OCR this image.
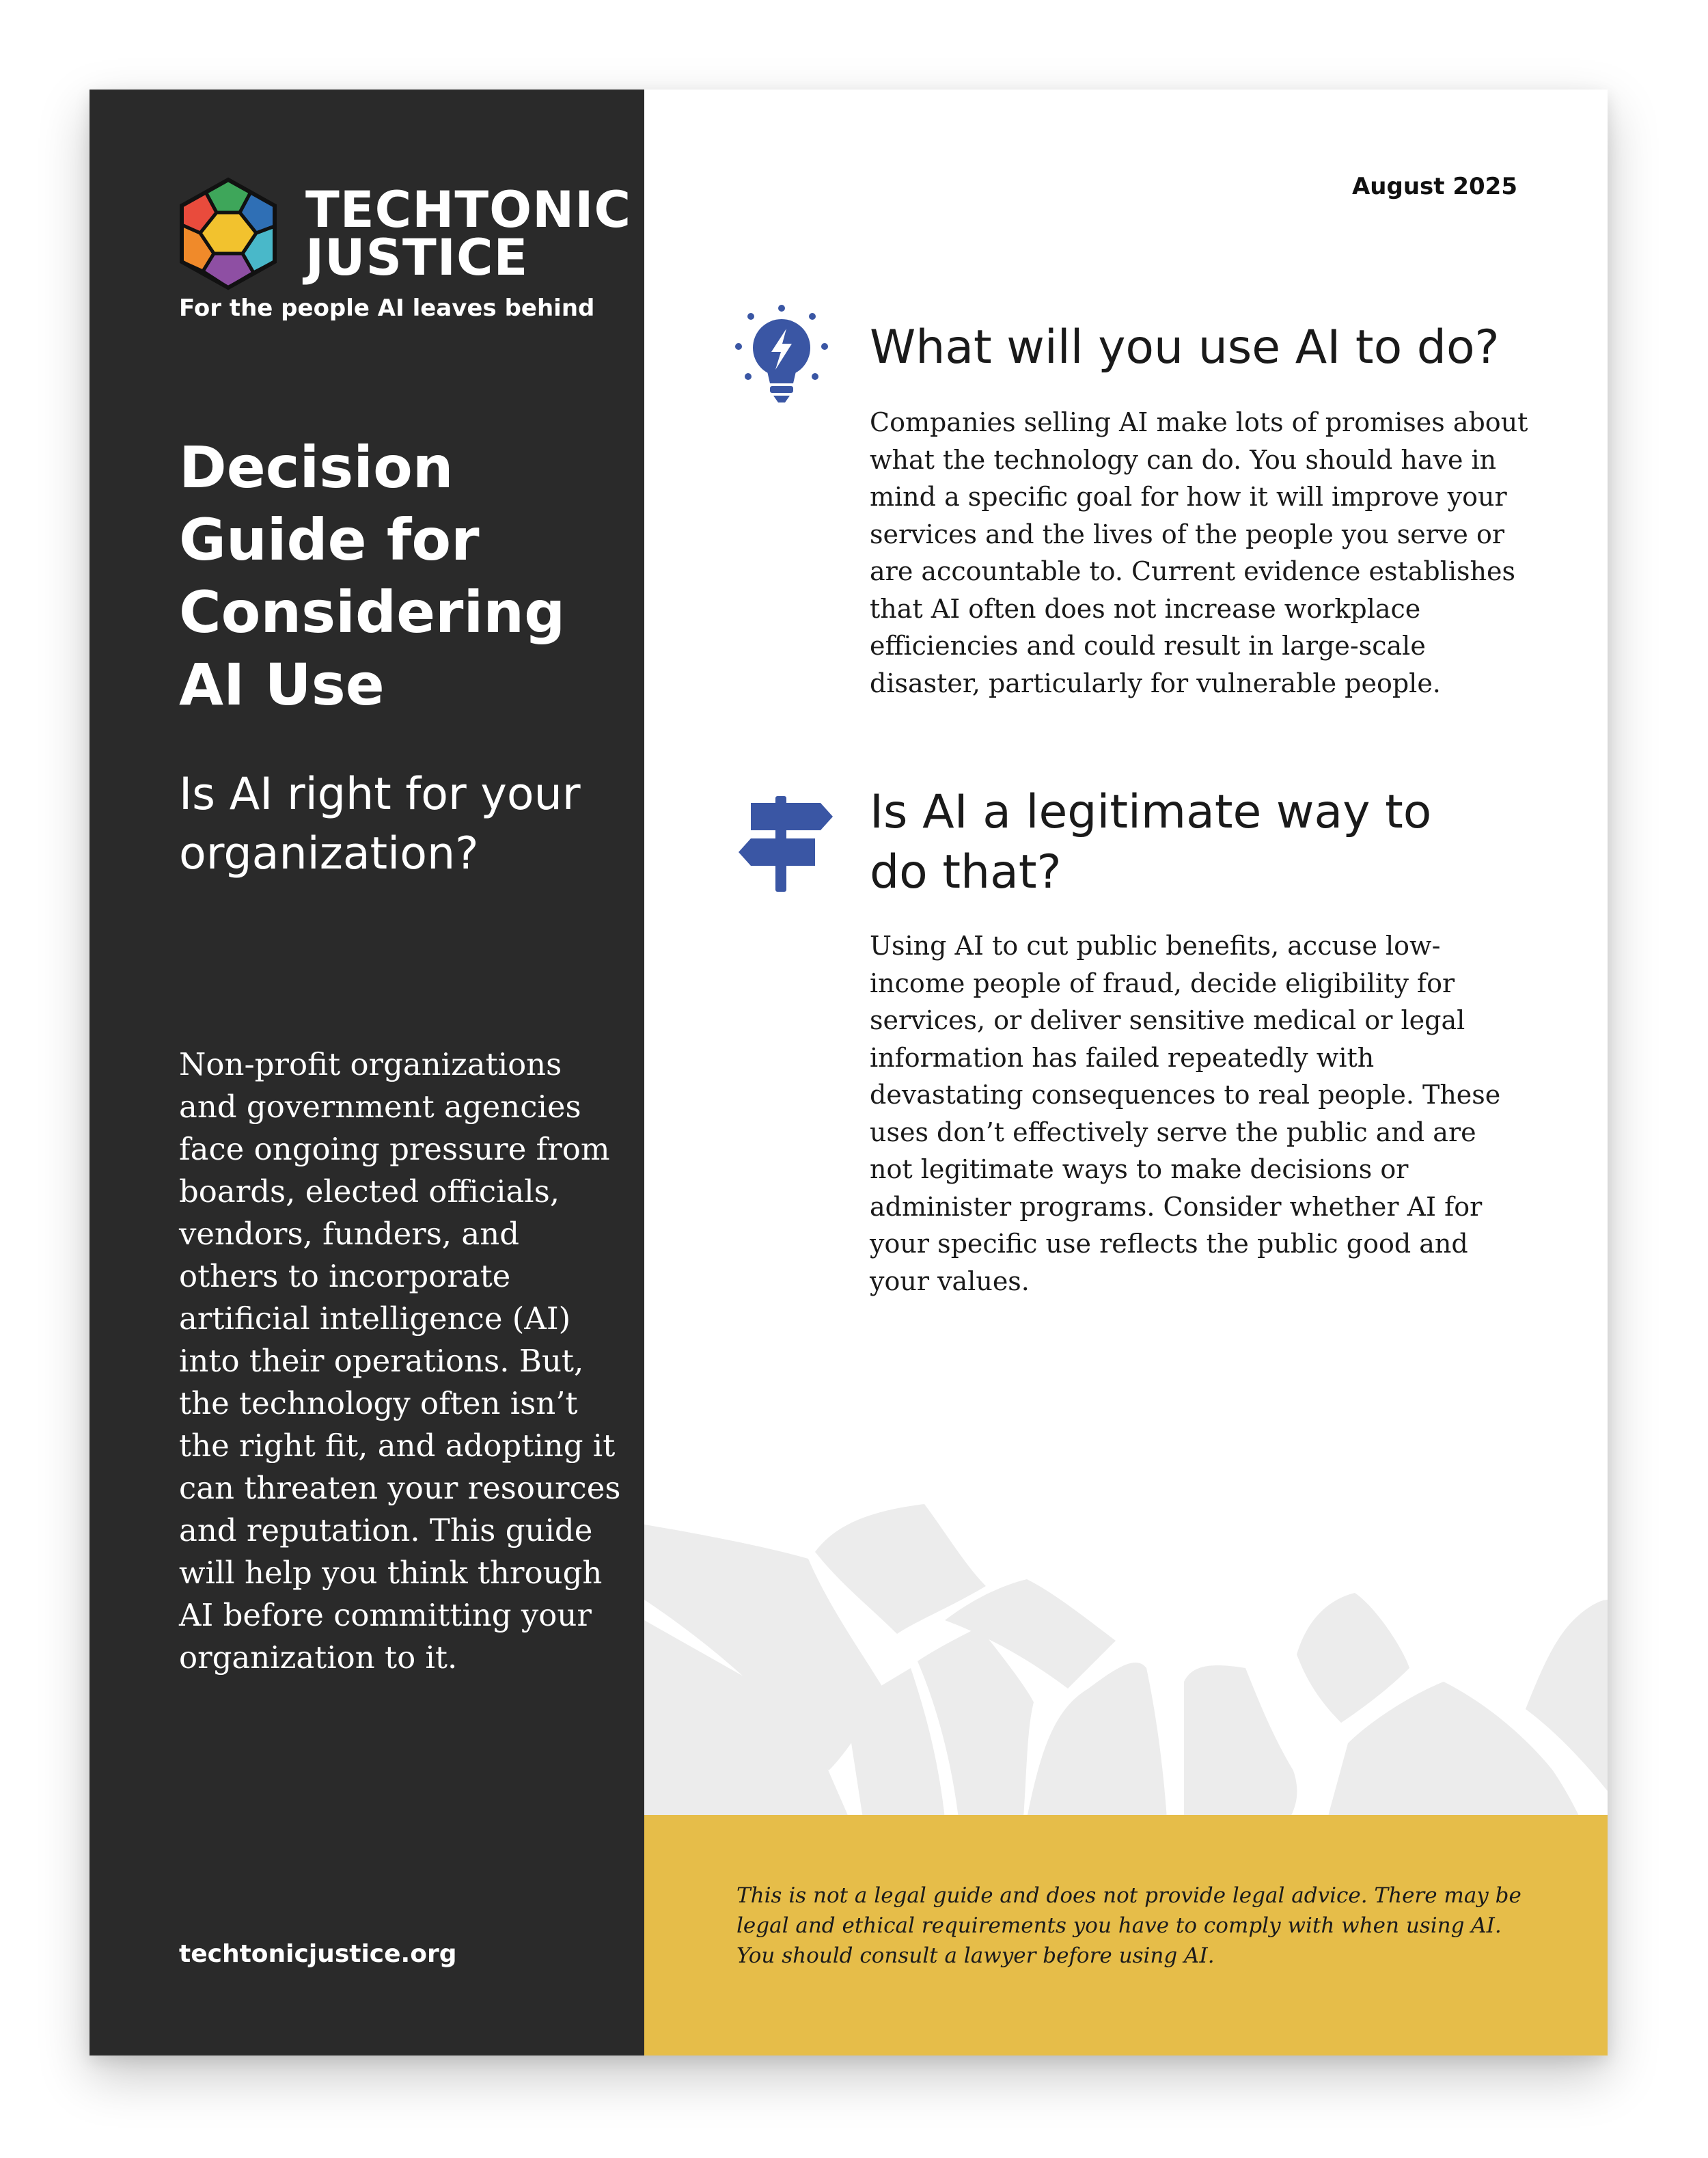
TECHTONIC
JUSTICE
For the people AI leaves behind
Decision Guide for Considering AI Use
Is AI right for your organization?

Non-profit organizations and government agencies face ongoing pressure from boards, elected officials, vendors, funders, and others to incorporate artificial intelligence (AI) into their operations. But, the technology often isn’t the right fit, and adopting it can threaten your resources and reputation. This guide will help you think through AI before committing your organization to it.

techtonicjustice.org
August 2025
What will you use AI to do?

Companies selling AI make lots of promises about what the technology can do. You should have in mind a specific goal for how it will improve your services and the lives of the people you serve or are accountable to. Current evidence establishes that AI often does not increase workplace efficiencies and could result in large-scale disaster, particularly for vulnerable people.

Is AI a legitimate way to do that?

Using AI to cut public benefits, accuse low-income people of fraud, decide eligibility for services, or deliver sensitive medical or legal information has failed repeatedly with devastating consequences to real people. These uses don’t effectively serve the public and are not legitimate ways to make decisions or administer programs. Consider whether AI for your specific use reflects the public good and your values.

This is not a legal guide and does not provide legal advice. There may be legal and ethical requirements you have to comply with when using AI. You should consult a lawyer before using AI.
